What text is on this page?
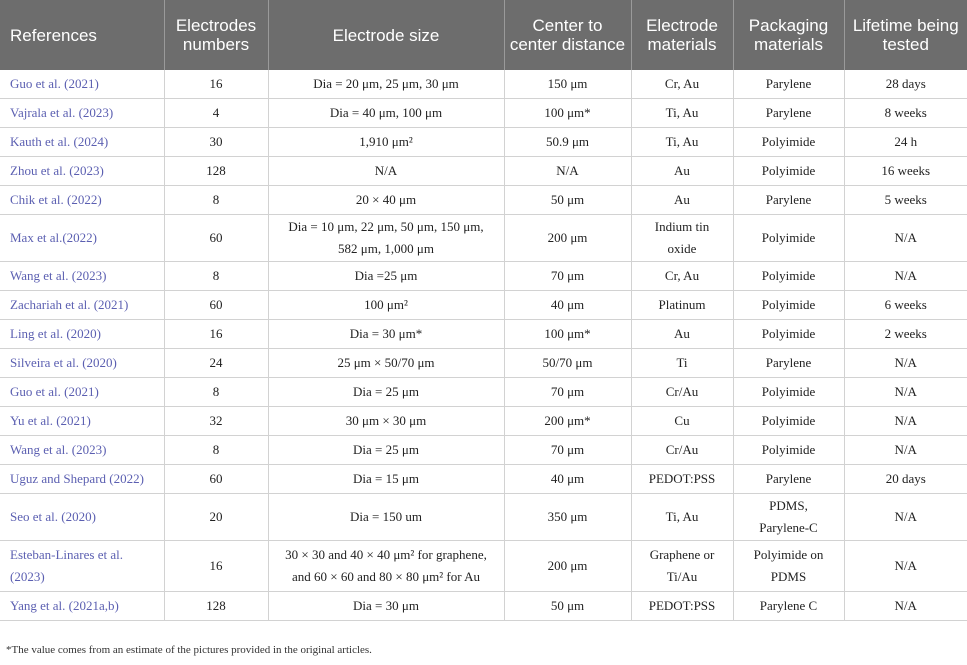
References	Electrodes numbers	Electrode size	Center to center distance	Electrode materials	Packaging materials	Lifetime being tested
Guo et al. (2021)	16	Dia = 20 μm, 25 μm, 30 μm	150 μm	Cr, Au	Parylene	28 days
Vajrala et al. (2023)	4	Dia = 40 μm, 100 μm	100 μm*	Ti, Au	Parylene	8 weeks
Kauth et al. (2024)	30	1,910 μm²	50.9 μm	Ti, Au	Polyimide	24 h
Zhou et al. (2023)	128	N/A	N/A	Au	Polyimide	16 weeks
Chik et al. (2022)	8	20 × 40 μm	50 μm	Au	Parylene	5 weeks
Max et al.(2022)	60	Dia = 10 μm, 22 μm, 50 μm, 150 μm, 582 μm, 1,000 μm	200 μm	Indium tin oxide	Polyimide	N/A
Wang et al. (2023)	8	Dia =25 μm	70 μm	Cr, Au	Polyimide	N/A
Zachariah et al. (2021)	60	100 μm²	40 μm	Platinum	Polyimide	6 weeks
Ling et al. (2020)	16	Dia = 30 μm*	100 μm*	Au	Polyimide	2 weeks
Silveira et al. (2020)	24	25 μm × 50/70 μm	50/70 μm	Ti	Parylene	N/A
Guo et al. (2021)	8	Dia = 25 μm	70 μm	Cr/Au	Polyimide	N/A
Yu et al. (2021)	32	30 μm × 30 μm	200 μm*	Cu	Polyimide	N/A
Wang et al. (2023)	8	Dia = 25 μm	70 μm	Cr/Au	Polyimide	N/A
Uguz and Shepard (2022)	60	Dia = 15 μm	40 μm	PEDOT:PSS	Parylene	20 days
Seo et al. (2020)	20	Dia = 150 um	350 μm	Ti, Au	PDMS, Parylene-C	N/A
Esteban-Linares et al. (2023)	16	30 × 30 and 40 × 40 μm² for graphene, and 60 × 60 and 80 × 80 μm² for Au	200 μm	Graphene or Ti/Au	Polyimide on PDMS	N/A
Yang et al. (2021a,b)	128	Dia = 30 μm	50 μm	PEDOT:PSS	Parylene C	N/A
*The value comes from an estimate of the pictures provided in the original articles.
